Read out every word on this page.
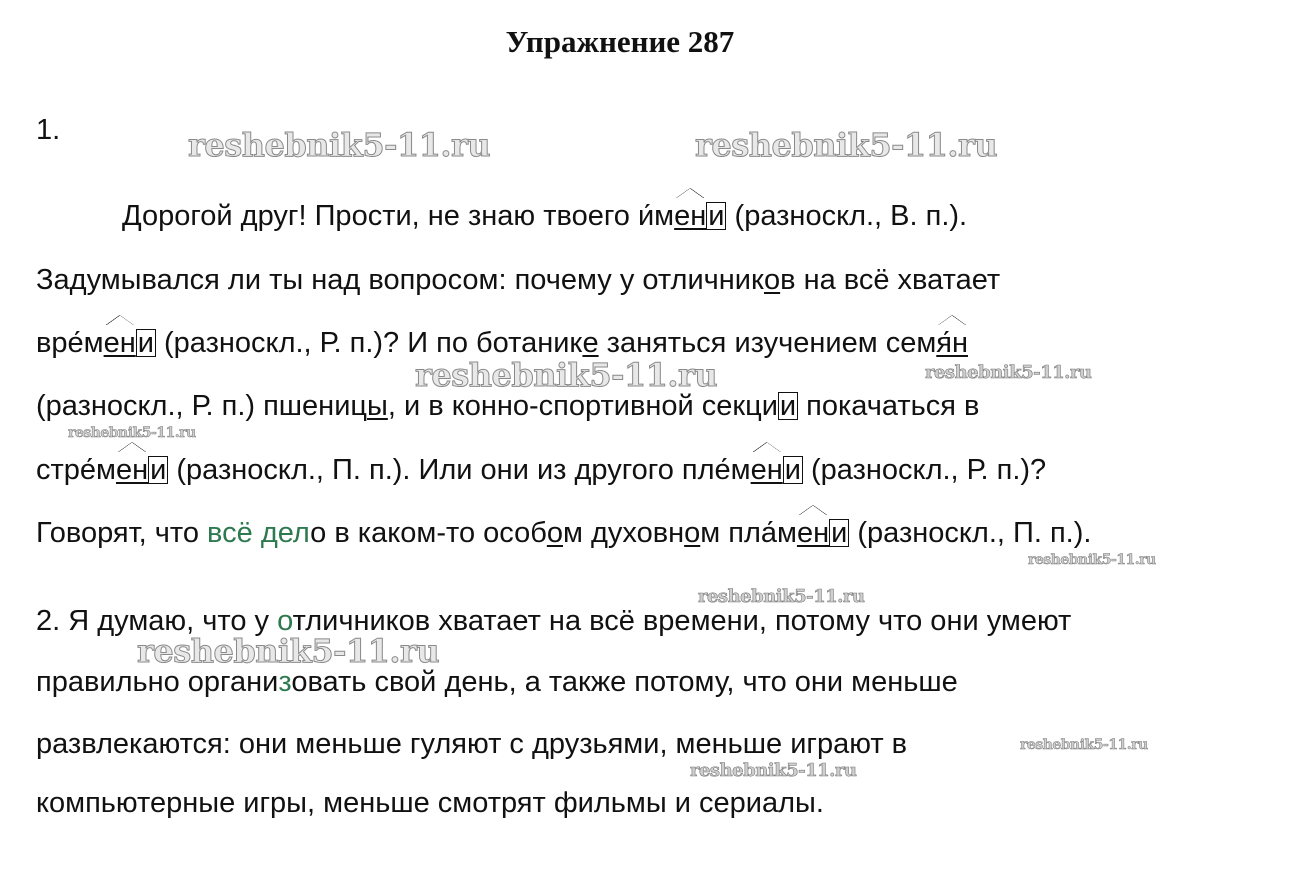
Упражнение 287
1.
Дорогой друг! Прости, не знаю твоего и́мени (разноскл., В. п.).
Задумывался ли ты над вопросом: почему у отличников на всё хватает
вре́мени (разноскл., Р. п.)? И по ботанике заняться изучением семя́н
(разноскл., Р. п.) пшеницы, и в конно-спортивной секции покачаться в
стре́мени (разноскл., П. п.). Или они из другого пле́мени (разноскл., Р. п.)?
Говорят, что всё дело в каком-то особом духовном пла́мени (разноскл., П. п.).
2. Я думаю, что у отличников хватает на всё времени, потому что они умеют
правильно организовать свой день, а также потому, что они меньше
развлекаются: они меньше гуляют с друзьями, меньше играют в
компьютерные игры, меньше смотрят фильмы и сериалы.
reshebnik5-11.ru	reshebnik5-11.ru
reshebnik5-11.ru	reshebnik5-11.ru
reshebnik5-11.ru
reshebnik5-11.ru
reshebnik5-11.ru
reshebnik5-11.ru
reshebnik5-11.ru
reshebnik5-11.ru
